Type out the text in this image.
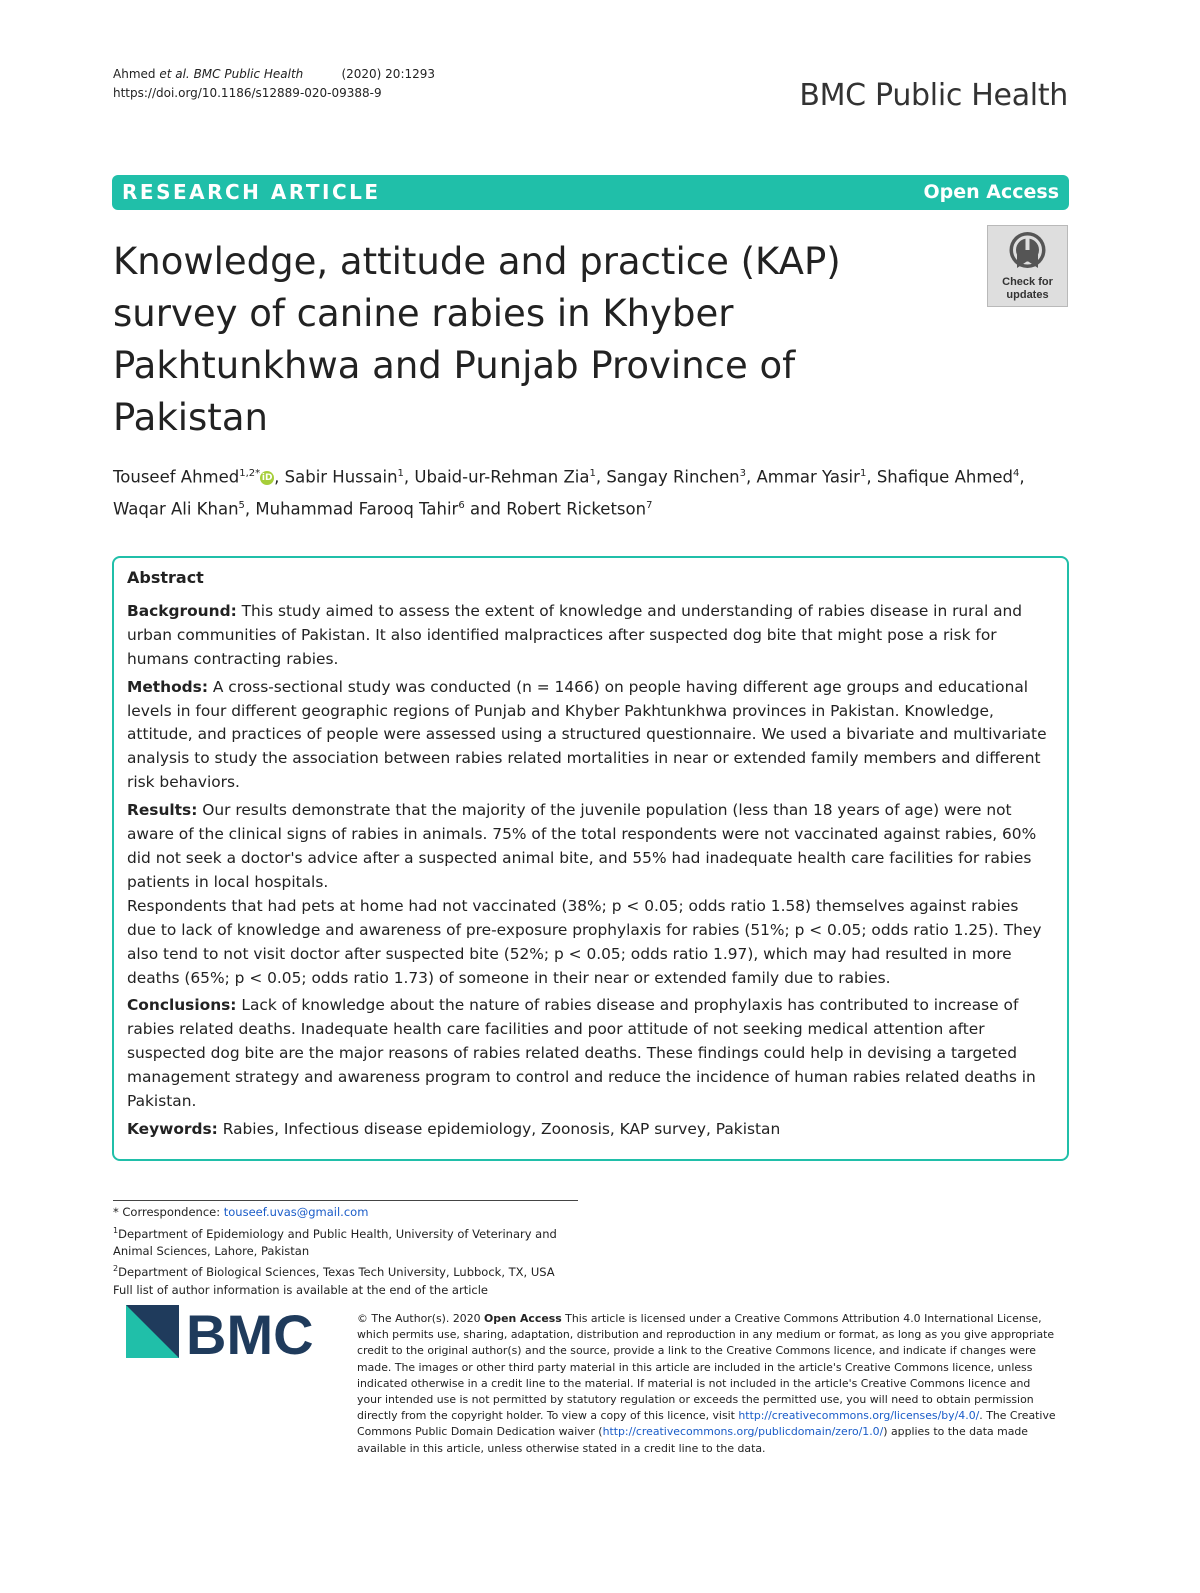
Ahmed et al. BMC Public Health	(2020) 20:1293
https://doi.org/10.1186/s12889-020-09388-9	BMC Public Health
RESEARCH ARTICLE	Open Access
Knowledge, attitude and practice (KAP) survey of canine rabies in Khyber Pakhtunkhwa and Punjab Province of Pakistan
Check for
updates
Touseef Ahmed$^{1,2*}$ iD , Sabir Hussain$^1$, Ubaid-ur-Rehman Zia$^1$, Sangay Rinchen$^3$, Ammar Yasir$^1$, Shafique Ahmed$^4$,
Waqar Ali Khan$^5$, Muhammad Farooq Tahir$^6$ and Robert Ricketson$^7$

Abstract

Background: This study aimed to assess the extent of knowledge and understanding of rabies disease in rural and urban communities of Pakistan. It also identified malpractices after suspected dog bite that might pose a risk for humans contracting rabies.

Methods: A cross-sectional study was conducted (n = 1466) on people having different age groups and educational levels in four different geographic regions of Punjab and Khyber Pakhtunkhwa provinces in Pakistan. Knowledge, attitude, and practices of people were assessed using a structured questionnaire. We used a bivariate and multivariate analysis to study the association between rabies related mortalities in near or extended family members and different risk behaviors.

Results: Our results demonstrate that the majority of the juvenile population (less than 18 years of age) were not aware of the clinical signs of rabies in animals. 75% of the total respondents were not vaccinated against rabies, 60% did not seek a doctor's advice after a suspected animal bite, and 55% had inadequate health care facilities for rabies patients in local hospitals.

Respondents that had pets at home had not vaccinated (38%; p < 0.05; odds ratio 1.58) themselves against rabies due to lack of knowledge and awareness of pre-exposure prophylaxis for rabies (51%; p < 0.05; odds ratio 1.25). They also tend to not visit doctor after suspected bite (52%; p < 0.05; odds ratio 1.97), which may had resulted in more deaths (65%; p < 0.05; odds ratio 1.73) of someone in their near or extended family due to rabies.

Conclusions: Lack of knowledge about the nature of rabies disease and prophylaxis has contributed to increase of rabies related deaths. Inadequate health care facilities and poor attitude of not seeking medical attention after suspected dog bite are the major reasons of rabies related deaths. These findings could help in devising a targeted management strategy and awareness program to control and reduce the incidence of human rabies related deaths in Pakistan.

Keywords: Rabies, Infectious disease epidemiology, Zoonosis, KAP survey, Pakistan

* Correspondence: touseef.uvas@gmail.com

$^1$Department of Epidemiology and Public Health, University of Veterinary and Animal Sciences, Lahore, Pakistan

$^2$Department of Biological Sciences, Texas Tech University, Lubbock, TX, USA

Full list of author information is available at the end of the article

BMC	© The Author(s). 2020 Open Access This article is licensed under a Creative Commons Attribution 4.0 International License, which permits use, sharing, adaptation, distribution and reproduction in any medium or format, as long as you give appropriate credit to the original author(s) and the source, provide a link to the Creative Commons licence, and indicate if changes were made. The images or other third party material in this article are included in the article's Creative Commons licence, unless indicated otherwise in a credit line to the material. If material is not included in the article's Creative Commons licence and your intended use is not permitted by statutory regulation or exceeds the permitted use, you will need to obtain permission directly from the copyright holder. To view a copy of this licence, visit http://creativecommons.org/licenses/by/4.0/. The Creative Commons Public Domain Dedication waiver (http://creativecommons.org/publicdomain/zero/1.0/) applies to the data made available in this article, unless otherwise stated in a credit line to the data.
